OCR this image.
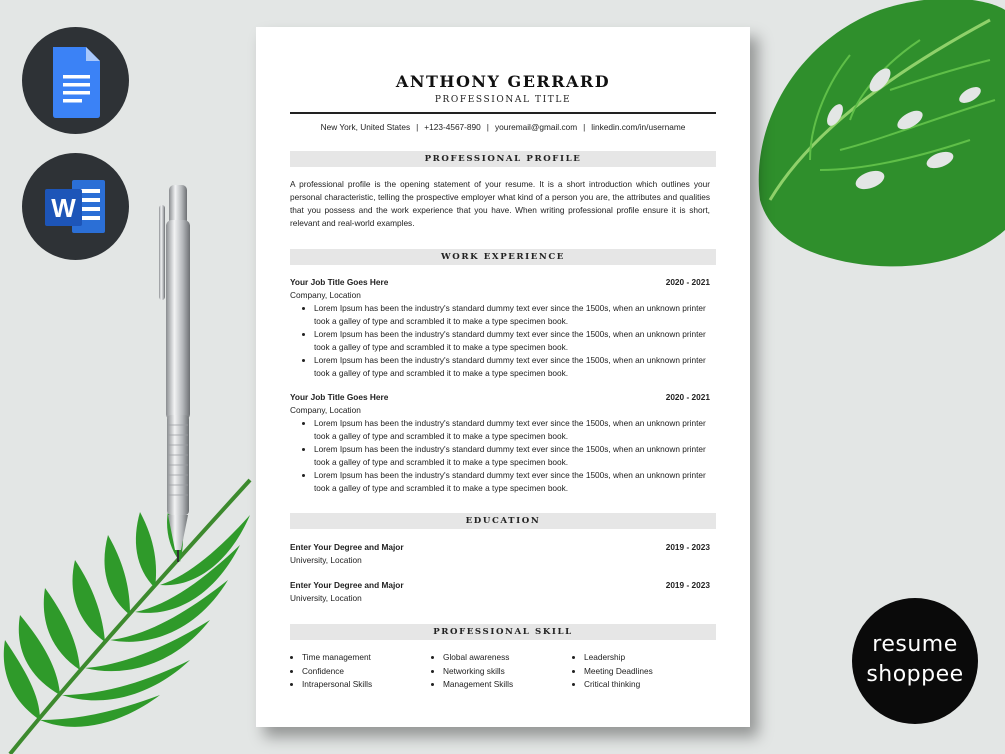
W
resume
shoppee
ANTHONY GERRARD
PROFESSIONAL TITLE
New York, United States | +123-4567-890 | youremail@gmail.com | linkedin.com/in/username
PROFESSIONAL PROFILE
A professional profile is the opening statement of your resume. It is a short introduction which outlines your personal characteristic, telling the prospective employer what kind of a person you are, the attributes and qualities that you possess and the work experience that you have. When writing professional profile ensure it is short, relevant and real-world examples.
WORK EXPERIENCE
Your Job Title Goes Here	2020 - 2021
Company, Location
• Lorem Ipsum has been the industry's standard dummy text ever since the 1500s, when an unknown printer took a galley of type and scrambled it to make a type specimen book.
• Lorem Ipsum has been the industry's standard dummy text ever since the 1500s, when an unknown printer took a galley of type and scrambled it to make a type specimen book.
• Lorem Ipsum has been the industry's standard dummy text ever since the 1500s, when an unknown printer took a galley of type and scrambled it to make a type specimen book.
Your Job Title Goes Here	2020 - 2021
Company, Location
• Lorem Ipsum has been the industry's standard dummy text ever since the 1500s, when an unknown printer took a galley of type and scrambled it to make a type specimen book.
• Lorem Ipsum has been the industry's standard dummy text ever since the 1500s, when an unknown printer took a galley of type and scrambled it to make a type specimen book.
• Lorem Ipsum has been the industry's standard dummy text ever since the 1500s, when an unknown printer took a galley of type and scrambled it to make a type specimen book.
EDUCATION
Enter Your Degree and Major	2019 - 2023
University, Location
Enter Your Degree and Major	2019 - 2023
University, Location
PROFESSIONAL SKILL
• Time management
• Confidence
• Intrapersonal Skills
• Global awareness
• Networking skills
• Management Skills
• Leadership
• Meeting Deadlines
• Critical thinking
